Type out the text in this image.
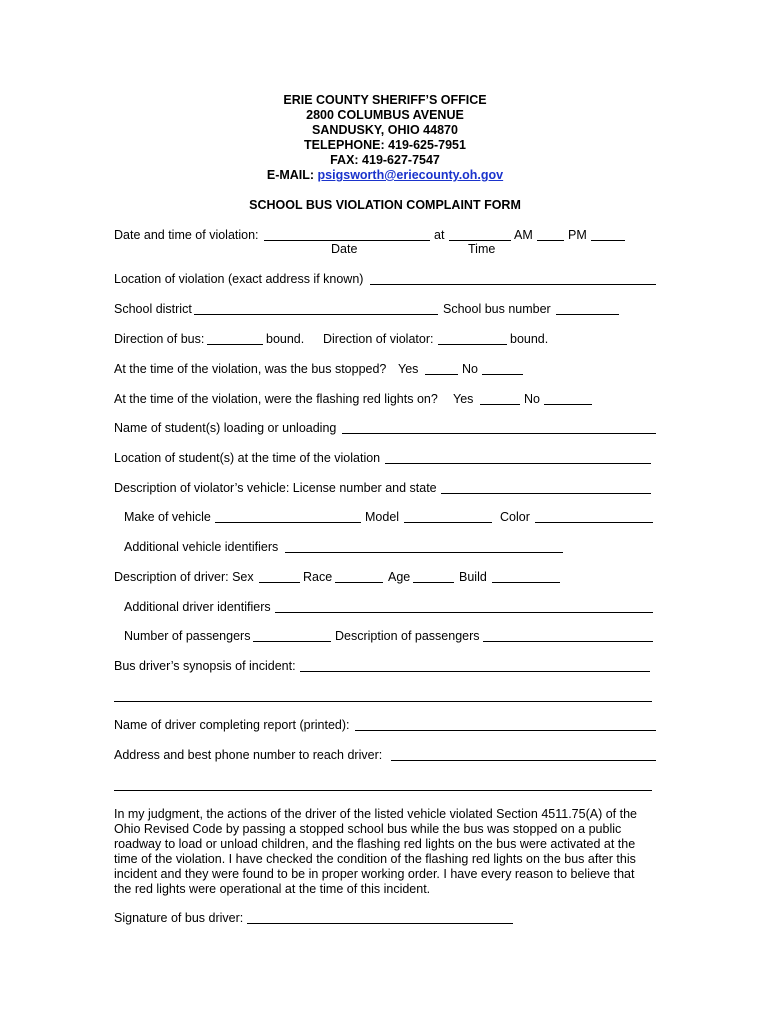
ERIE COUNTY SHERIFF’S OFFICE
2800 COLUMBUS AVENUE
SANDUSKY, OHIO 44870
TELEPHONE: 419-625-7951
FAX: 419-627-7547
E-MAIL: psigsworth@eriecounty.oh.gov
SCHOOL BUS VIOLATION COMPLAINT FORM
Date and time of violation:	at	AM	PM
Date	Time
Location of violation (exact address if known)
School district	School bus number
Direction of bus:	bound. Direction of violator:	bound.
At the time of the violation, was the bus stopped? Yes	No
At the time of the violation, were the flashing red lights on? Yes	No
Name of student(s) loading or unloading
Location of student(s) at the time of the violation
Description of violator’s vehicle: License number and state
Make of vehicle	Model	Color
Additional vehicle identifiers
Description of driver: Sex	Race	Age	Build
Additional driver identifiers
Number of passengers	Description of passengers
Bus driver’s synopsis of incident:
Name of driver completing report (printed):
Address and best phone number to reach driver:
In my judgment, the actions of the driver of the listed vehicle violated Section 4511.75(A) of the Ohio Revised Code by passing a stopped school bus while the bus was stopped on a public roadway to load or unload children, and the flashing red lights on the bus were activated at the time of the violation. I have checked the condition of the flashing red lights on the bus after this incident and they were found to be in proper working order. I have every reason to believe that the red lights were operational at the time of this incident.
Signature of bus driver:
